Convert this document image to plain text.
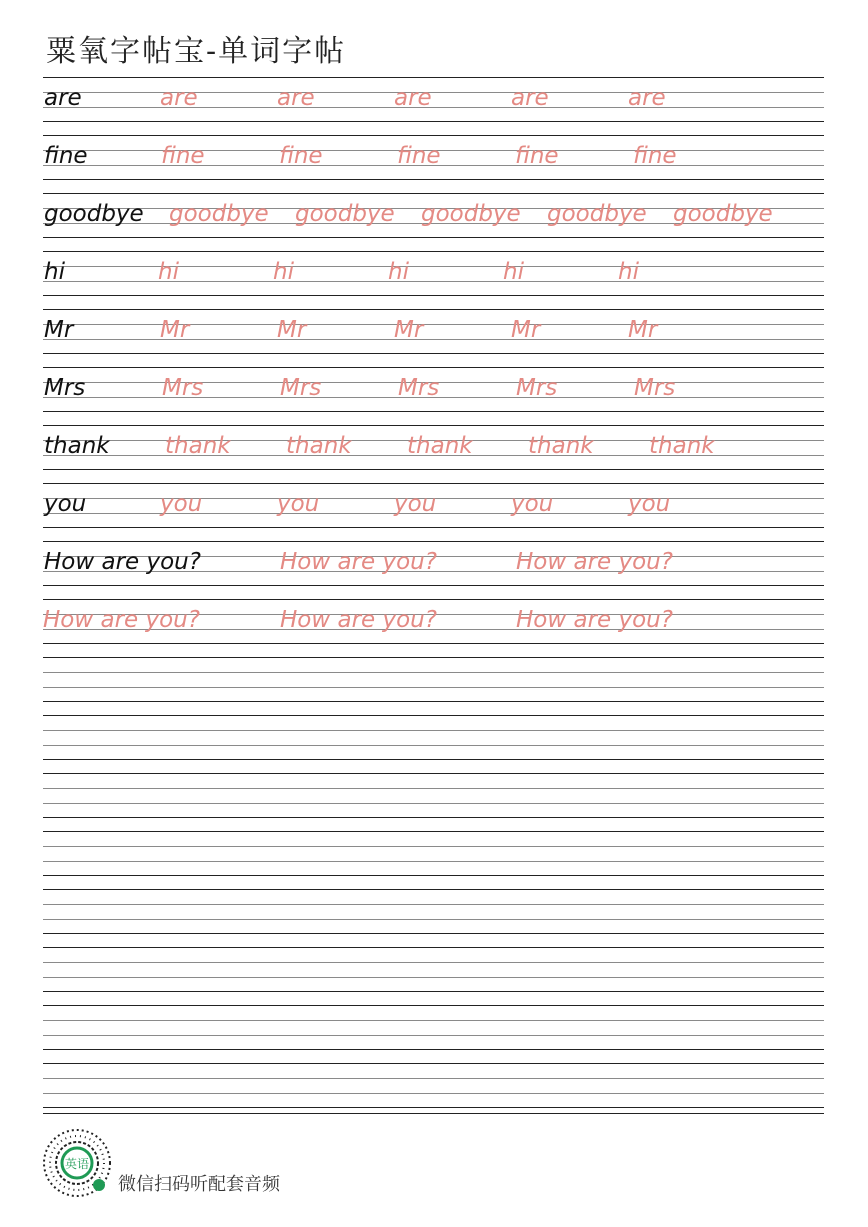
粟氧字帖宝-单词字帖
are	are	are	are	are	are
fine	fine	fine	fine	fine	fine
goodbye goodbye goodbye goodbye goodbye goodbye
hi	hi	hi	hi	hi	hi
Mr	Mr	Mr	Mr	Mr	Mr
Mrs	Mrs	Mrs	Mrs	Mrs	Mrs
thank thank thank thank thank thank
you	you	you	you	you	you
How are you?	How are you?	How are you?
How are you?	How are you?	How are you?
英语
微信扫码听配套音频
